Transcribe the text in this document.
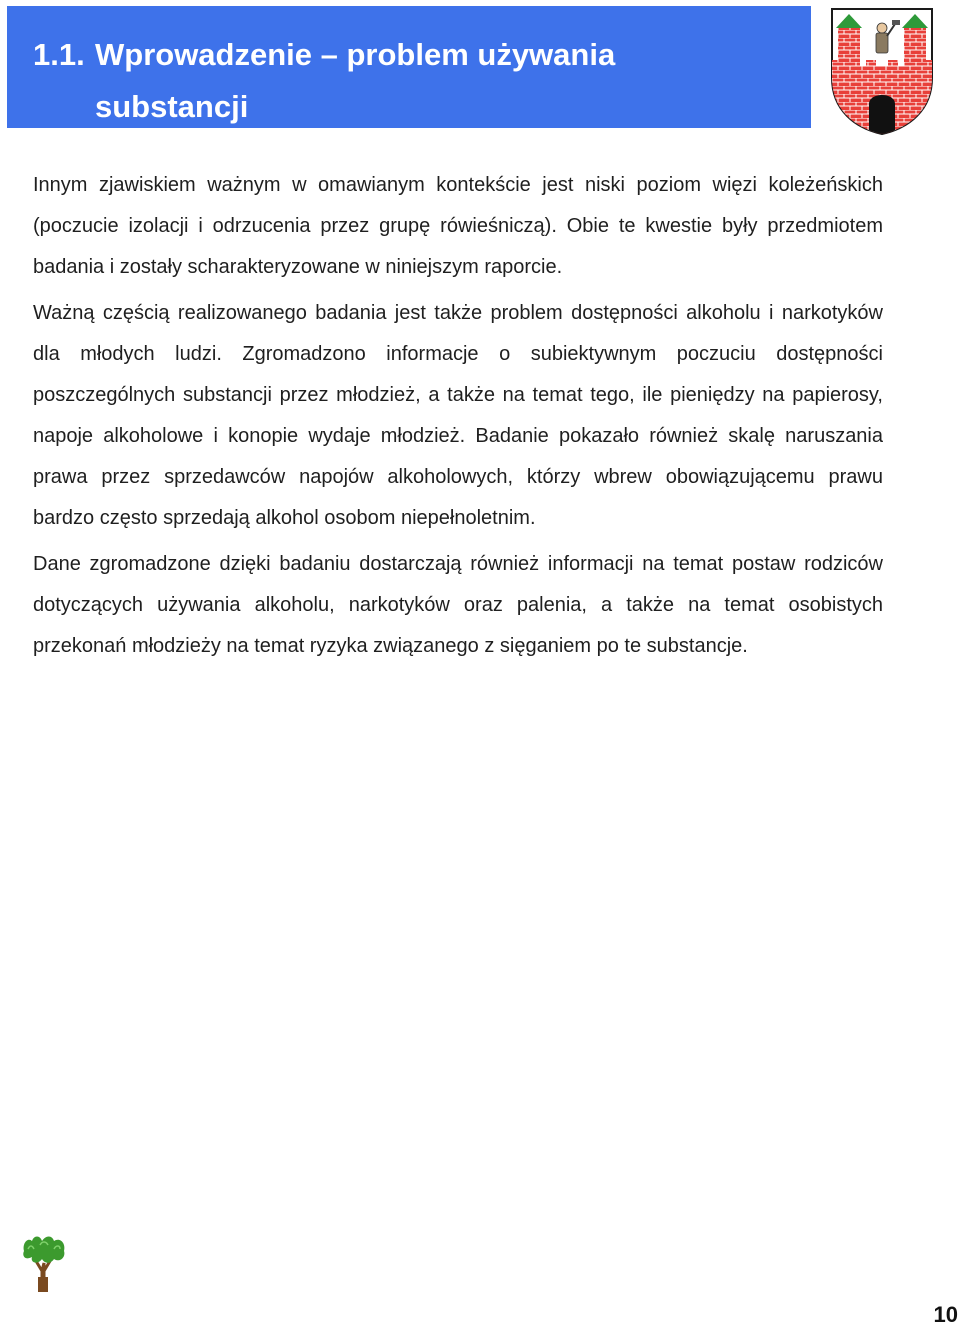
1.1. Wprowadzenie – problem używania
substancji

Innym zjawiskiem ważnym w omawianym kontekście jest niski poziom więzi koleżeńskich (poczucie izolacji i odrzucenia przez grupę rówieśniczą). Obie te kwestie były przedmiotem badania i zostały scharakteryzowane w niniejszym raporcie.

Ważną częścią realizowanego badania jest także problem dostępności alkoholu i narkotyków dla młodych ludzi. Zgromadzono informacje o subiektywnym poczuciu dostępności poszczególnych substancji przez młodzież, a także na temat tego, ile pieniędzy na papierosy, napoje alkoholowe i konopie wydaje młodzież. Badanie pokazało również skalę naruszania prawa przez sprzedawców napojów alkoholowych, którzy wbrew obowiązującemu prawu bardzo często sprzedają alkohol osobom niepełnoletnim.

Dane zgromadzone dzięki badaniu dostarczają również informacji na temat postaw rodziców dotyczących używania alkoholu, narkotyków oraz palenia, a także na temat osobistych przekonań młodzieży na temat ryzyka związanego z sięganiem po te substancje.

10
